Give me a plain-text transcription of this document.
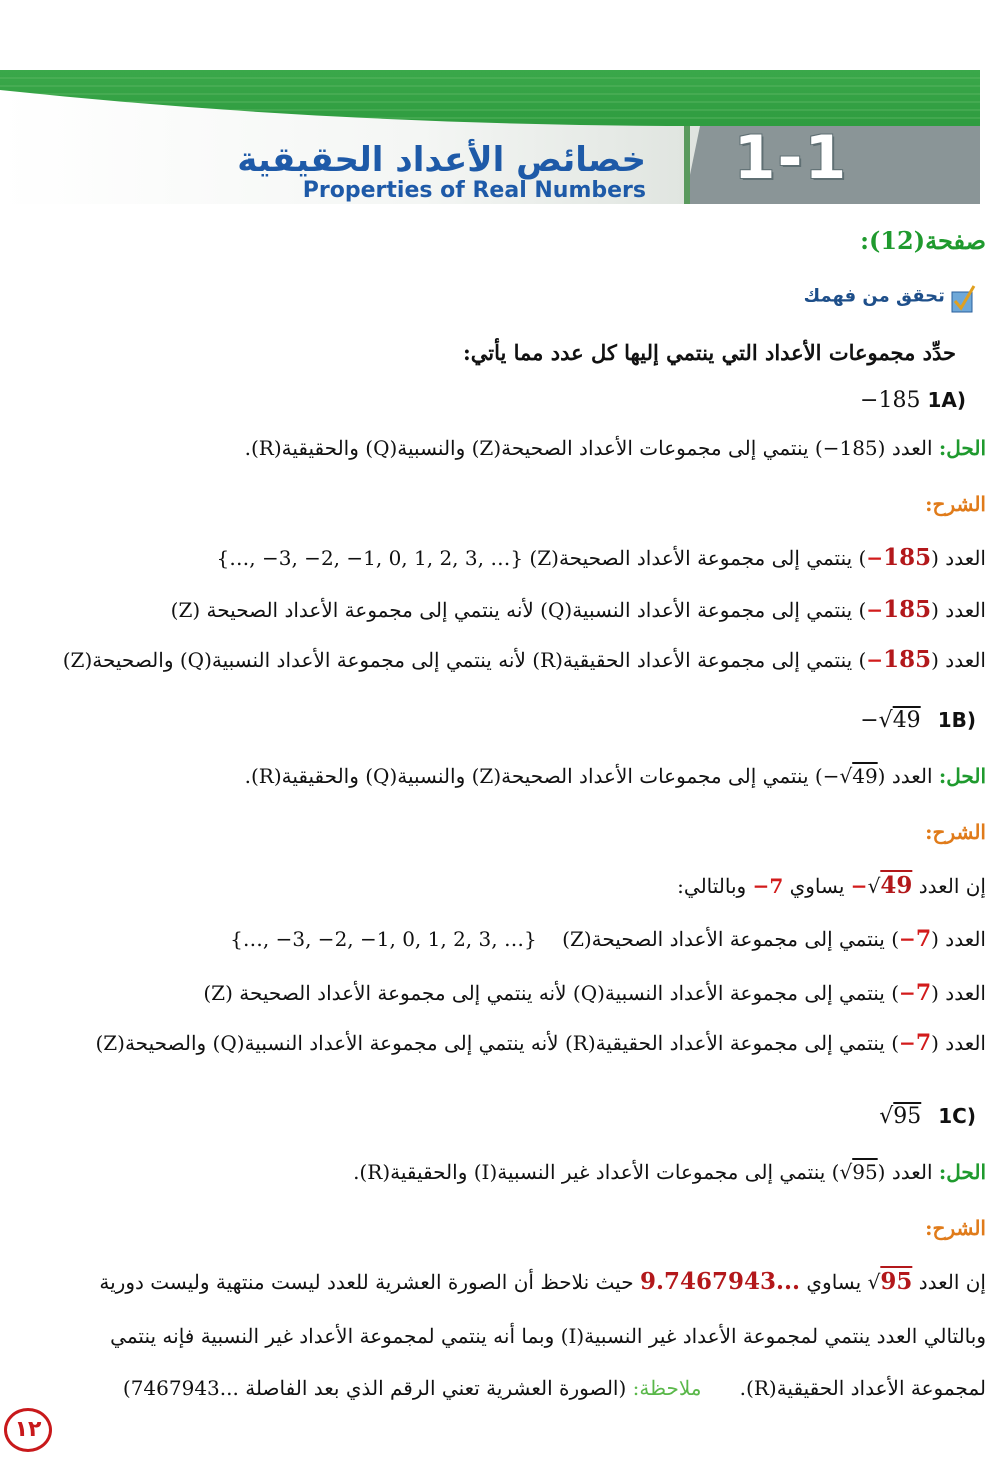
خصائص الأعداد الحقيقية
Properties of Real Numbers 1-1
صفحة(12):
تحقق من فهمك
حدِّد مجموعات الأعداد التي ينتمي إليها كل عدد مما يأتي:
−185 1A)
الحل: العدد (185−) ينتمي إلى مجموعات الأعداد الصحيحة(Z) والنسبية(Q) والحقيقية(R).
الشرح:
العدد (185−) ينتمي إلى مجموعة الأعداد الصحيحة(Z) {…, −3, −2, −1, 0, 1, 2, 3, …}
العدد (185−) ينتمي إلى مجموعة الأعداد النسبية(Q) لأنه ينتمي إلى مجموعة الأعداد الصحيحة (Z)
العدد (185−) ينتمي إلى مجموعة الأعداد الحقيقية(R) لأنه ينتمي إلى مجموعة الأعداد النسبية(Q) والصحيحة(Z)
−√49 1B)
الحل: العدد (√49−) ينتمي إلى مجموعات الأعداد الصحيحة(Z) والنسبية(Q) والحقيقية(R).
الشرح:
إن العدد −√49 يساوي 7− وبالتالي:
العدد (7−) ينتمي إلى مجموعة الأعداد الصحيحة(Z)    {…, −3, −2, −1, 0, 1, 2, 3, …}
العدد (7−) ينتمي إلى مجموعة الأعداد النسبية(Q) لأنه ينتمي إلى مجموعة الأعداد الصحيحة (Z)
العدد (7−) ينتمي إلى مجموعة الأعداد الحقيقية(R) لأنه ينتمي إلى مجموعة الأعداد النسبية(Q) والصحيحة(Z)
√95 1C)
الحل: العدد (√95) ينتمي إلى مجموعات الأعداد غير النسبية(I) والحقيقية(R).
الشرح:
إن العدد √95 يساوي ...9.7467943 حيث نلاحظ أن الصورة العشرية للعدد ليست منتهية وليست دورية
وبالتالي العدد ينتمي لمجموعة الأعداد غير النسبية(I) وبما أنه ينتمي لمجموعة الأعداد غير النسبية فإنه ينتمي
لمجموعة الأعداد الحقيقية(R).      ملاحظة: (الصورة العشرية تعني الرقم الذي بعد الفاصلة ...7467943)
١٢
